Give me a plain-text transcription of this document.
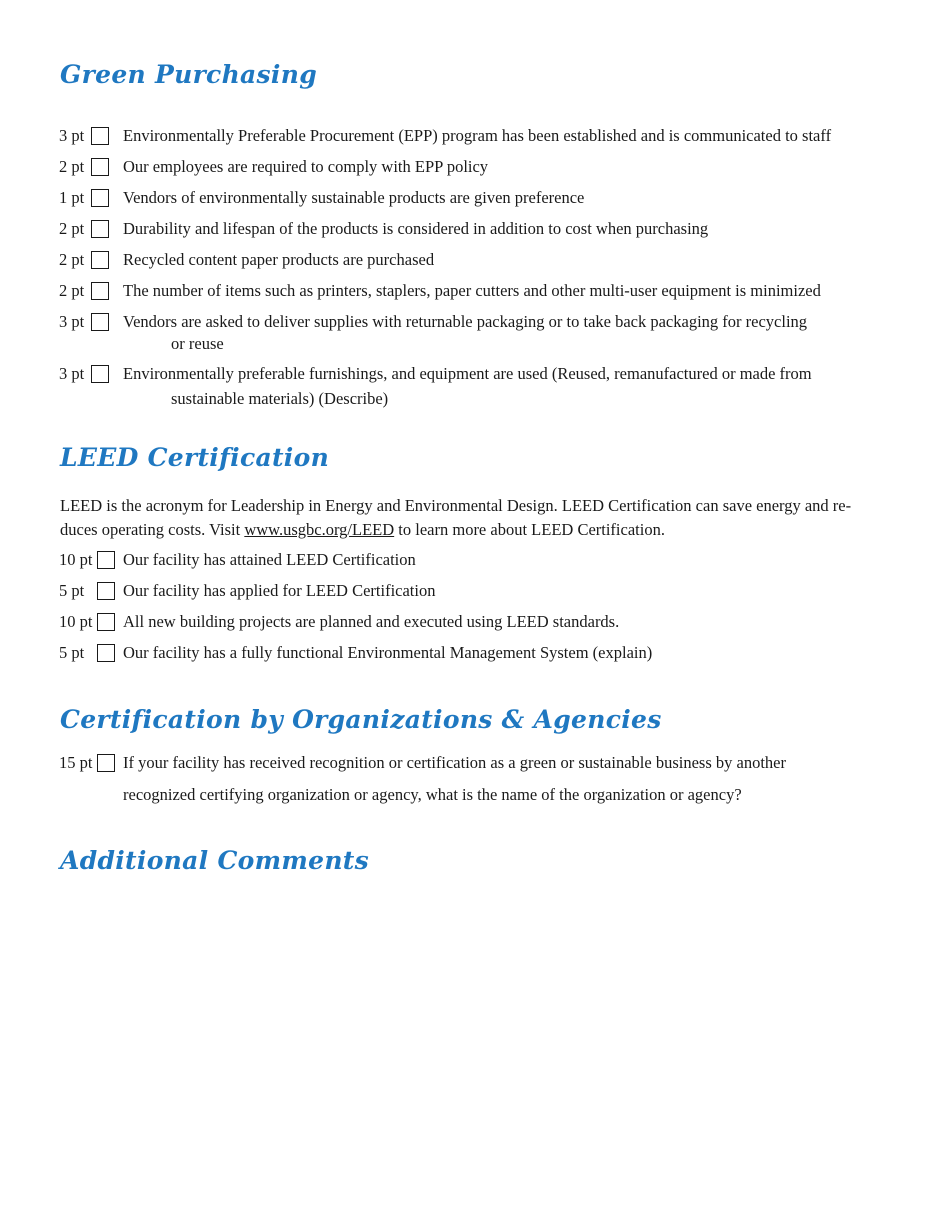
Green Purchasing
3 pt Environmentally Preferable Procurement (EPP) program has been established and is communicated to staff
2 pt Our employees are required to comply with EPP policy
1 pt Vendors of environmentally sustainable products are given preference
2 pt Durability and lifespan of the products is considered in addition to cost when purchasing
2 pt Recycled content paper products are purchased
2 pt The number of items such as printers, staplers, paper cutters and other multi-user equipment is minimized
3 pt Vendors are asked to deliver supplies with returnable packaging or to take back packaging for recycling
or reuse
3 pt Environmentally preferable furnishings, and equipment are used (Reused, remanufactured or made from
sustainable materials) (Describe)
LEED Certification

LEED is the acronym for Leadership in Energy and Environmental Design. LEED Certification can save energy and re-
duces operating costs. Visit www.usgbc.org/LEED to learn more about LEED Certification.

10 pt Our facility has attained LEED Certification
5 pt Our facility has applied for LEED Certification
10 pt All new building projects are planned and executed using LEED standards.
5 pt Our facility has a fully functional Environmental Management System (explain)
Certification by Organizations & Agencies
15 pt If your facility has received recognition or certification as a green or sustainable business by another
recognized certifying organization or agency, what is the name of the organization or agency?
Additional Comments
